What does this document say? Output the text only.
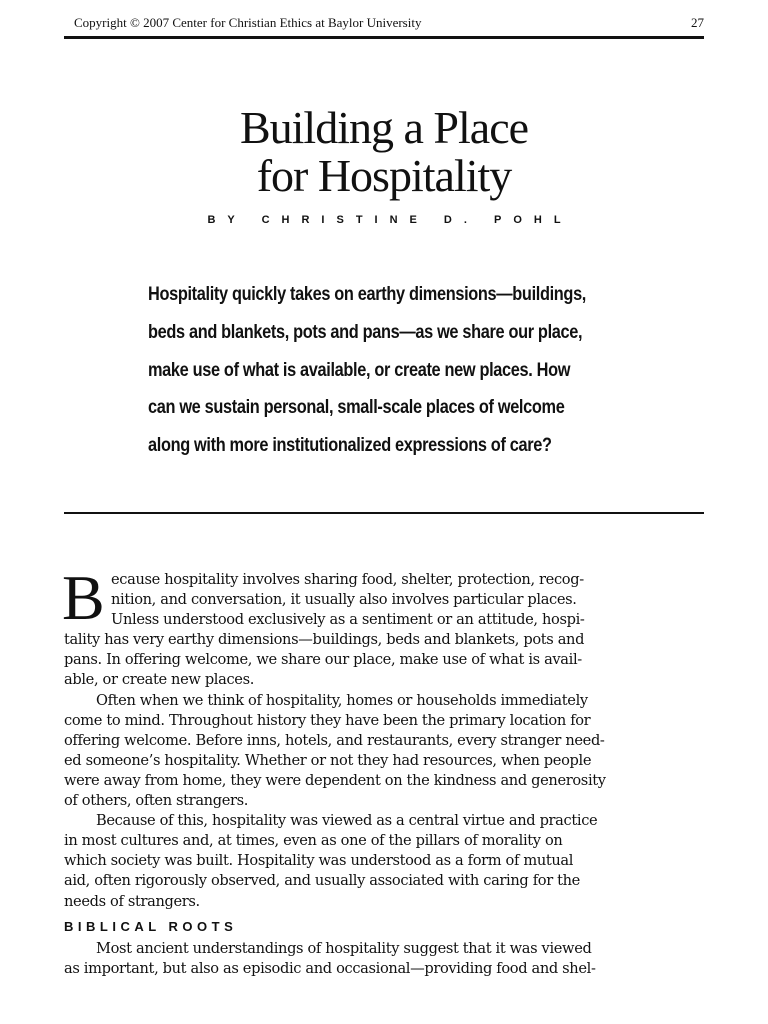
Copyright © 2007 Center for Christian Ethics at Baylor University	27
Building a Place
for Hospitality
BY CHRISTINE D. POHL
Hospitality quickly takes on earthy dimensions—buildings,
beds and blankets, pots and pans—as we share our place,
make use of what is available, or create new places. How
can we sustain personal, small-scale places of welcome
along with more institutionalized expressions of care?
B ecause hospitality involves sharing food, shelter, protection, recog-
nition, and conversation, it usually also involves particular places.
Unless understood exclusively as a sentiment or an attitude, hospi-
tality has very earthy dimensions—buildings, beds and blankets, pots and
pans. In offering welcome, we share our place, make use of what is avail-
able, or create new places.
Often when we think of hospitality, homes or households immediately
come to mind. Throughout history they have been the primary location for
offering welcome. Before inns, hotels, and restaurants, every stranger need-
ed someone’s hospitality. Whether or not they had resources, when people
were away from home, they were dependent on the kindness and generosity
of others, often strangers.
Because of this, hospitality was viewed as a central virtue and practice
in most cultures and, at times, even as one of the pillars of morality on
which society was built. Hospitality was understood as a form of mutual
aid, often rigorously observed, and usually associated with caring for the
needs of strangers.
BIBLICAL ROOTS
Most ancient understandings of hospitality suggest that it was viewed
as important, but also as episodic and occasional—providing food and shel-
